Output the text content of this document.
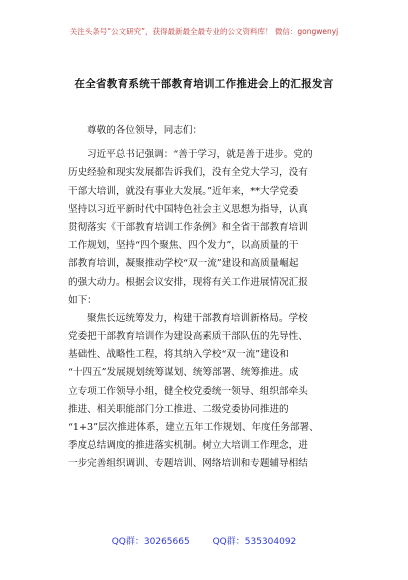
关注头条号“公文研究”，获得最新最全最专业的公文资料库！ 微信：gongwenyj
在全省教育系统干部教育培训工作推进会上的汇报发言
尊敬的各位领导，同志们：
习近平总书记强调：“善于学习，就是善于进步。党的
历史经验和现实发展都告诉我们，没有全党大学习，没有
干部大培训，就没有事业大发展。”近年来，**大学党委
坚持以习近平新时代中国特色社会主义思想为指导，认真
贯彻落实《干部教育培训工作条例》和全省干部教育培训
工作规划，坚持“四个聚焦、四个发力”，以高质量的干
部教育培训，凝聚推动学校“双一流”建设和高质量崛起
的强大动力。根据会议安排，现将有关工作进展情况汇报
如下：
聚焦长远统筹发力，构建干部教育培训新格局。学校
党委把干部教育培训作为建设高素质干部队伍的先导性、
基础性、战略性工程，将其纳入学校“双一流”建设和
“十四五”发展规划统筹谋划、统筹部署、统筹推进。成
立专项工作领导小组，健全校党委统一领导、组织部牵头
推进、相关职能部门分工推进、二级党委协同推进的
“1+3”层次推进体系，建立五年工作规划、年度任务部署、
季度总结调度的推进落实机制。树立大培训工作理念，进
一步完善组织调训、专题培训、网络培训和专题辅导相结
QQ群：30265665	QQ群：535304092
